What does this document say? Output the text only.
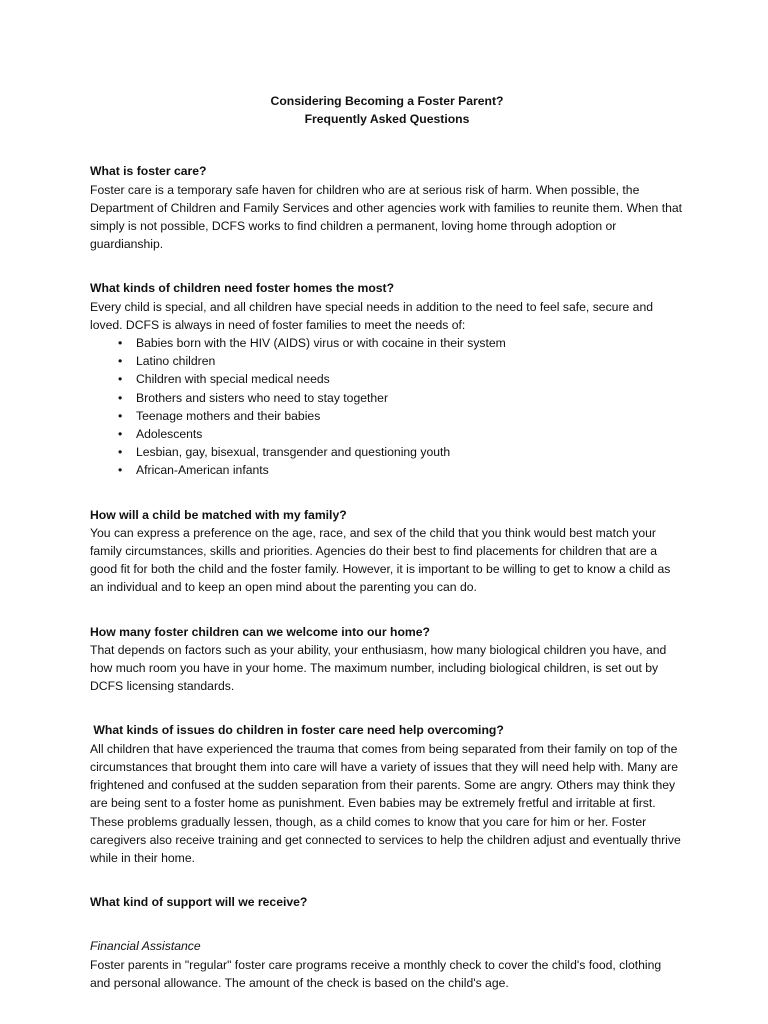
Considering Becoming a Foster Parent?

Frequently Asked Questions

What is foster care?

Foster care is a temporary safe haven for children who are at serious risk of harm. When possible, the Department of Children and Family Services and other agencies work with families to reunite them. When that simply is not possible, DCFS works to find children a permanent, loving home through adoption or guardianship.

What kinds of children need foster homes the most?

Every child is special, and all children have special needs in addition to the need to feel safe, secure and loved. DCFS is always in need of foster families to meet the needs of:

• Babies born with the HIV (AIDS) virus or with cocaine in their system
• Latino children
• Children with special medical needs
• Brothers and sisters who need to stay together
• Teenage mothers and their babies
• Adolescents
• Lesbian, gay, bisexual, transgender and questioning youth
• African-American infants

How will a child be matched with my family?

You can express a preference on the age, race, and sex of the child that you think would best match your family circumstances, skills and priorities. Agencies do their best to find placements for children that are a good fit for both the child and the foster family. However, it is important to be willing to get to know a child as an individual and to keep an open mind about the parenting you can do.

How many foster children can we welcome into our home?

That depends on factors such as your ability, your enthusiasm, how many biological children you have, and how much room you have in your home. The maximum number, including biological children, is set out by DCFS licensing standards.

What kinds of issues do children in foster care need help overcoming?

All children that have experienced the trauma that comes from being separated from their family on top of the circumstances that brought them into care will have a variety of issues that they will need help with. Many are frightened and confused at the sudden separation from their parents. Some are angry. Others may think they are being sent to a foster home as punishment. Even babies may be extremely fretful and irritable at first. These problems gradually lessen, though, as a child comes to know that you care for him or her. Foster caregivers also receive training and get connected to services to help the children adjust and eventually thrive while in their home.

What kind of support will we receive?

Financial Assistance

Foster parents in "regular" foster care programs receive a monthly check to cover the child's food, clothing and personal allowance. The amount of the check is based on the child's age.
